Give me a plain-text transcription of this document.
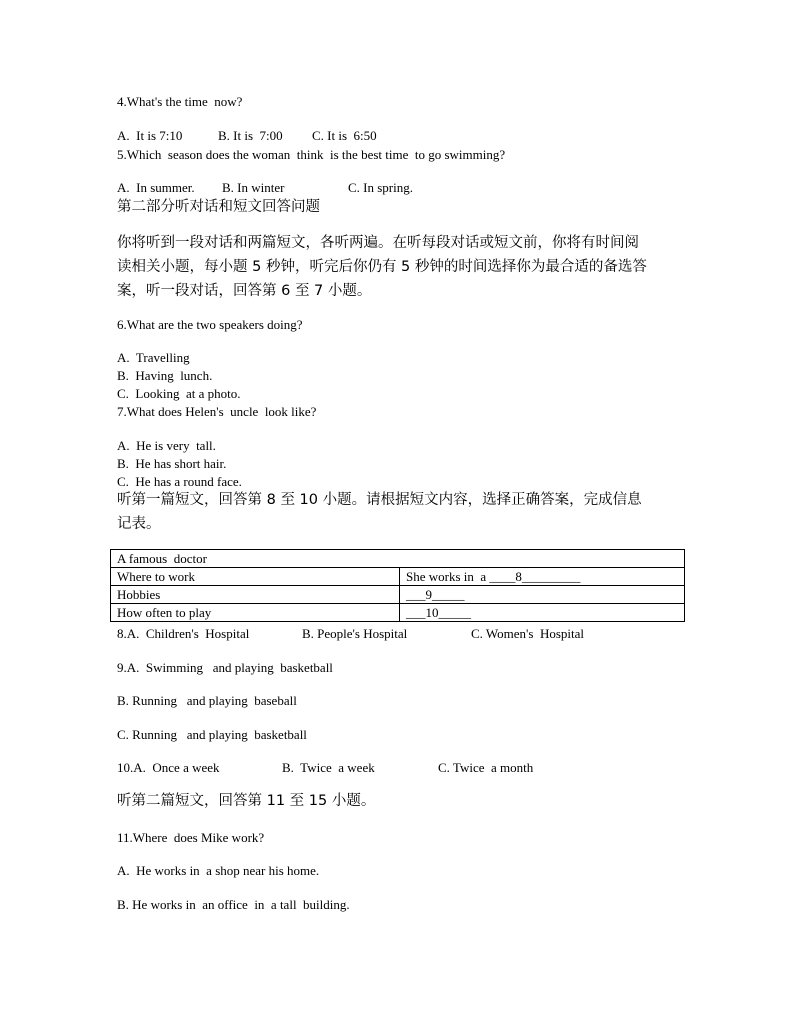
4.What's the time  now?
A.  It is 7:10	B. It is  7:00 C. It is  6:50
5.Which  season does the woman  think  is the best time  to go swimming?
A.  In summer. B. In winter	C. In spring.
第二部分听对话和短文回答问题
你将听到一段对话和两篇短文，各听两遍。在听每段对话或短文前，你将有时间阅
读相关小题，每小题 5 秒钟，听完后你仍有 5 秒钟的时间选择你为最合适的备选答
案，听一段对话，回答第 6 至 7 小题。
6.What are the two speakers doing?
A.  Travelling
B.  Having  lunch.
C.  Looking  at a photo.
7.What does Helen's  uncle  look like?
A.  He is very  tall.
B.  He has short hair.
C.  He has a round face.
听第一篇短文，回答第 8 至 10 小题。请根据短文内容，选择正确答案，完成信息
记表。
A famous  doctor	
Where to work	She works in  a ____8_________
Hobbies	___9_____
How often to play	___10_____
8.A.  Children's  Hospital	B. People's Hospital	C. Women's  Hospital
9.A.  Swimming   and playing  basketball
B. Running   and playing  baseball
C. Running   and playing  basketball
10.A.  Once a week	B.  Twice  a week	C. Twice  a month
听第二篇短文，回答第 11 至 15 小题。
11.Where  does Mike work?
A.  He works in  a shop near his home.
B. He works in  an office  in  a tall  building.
